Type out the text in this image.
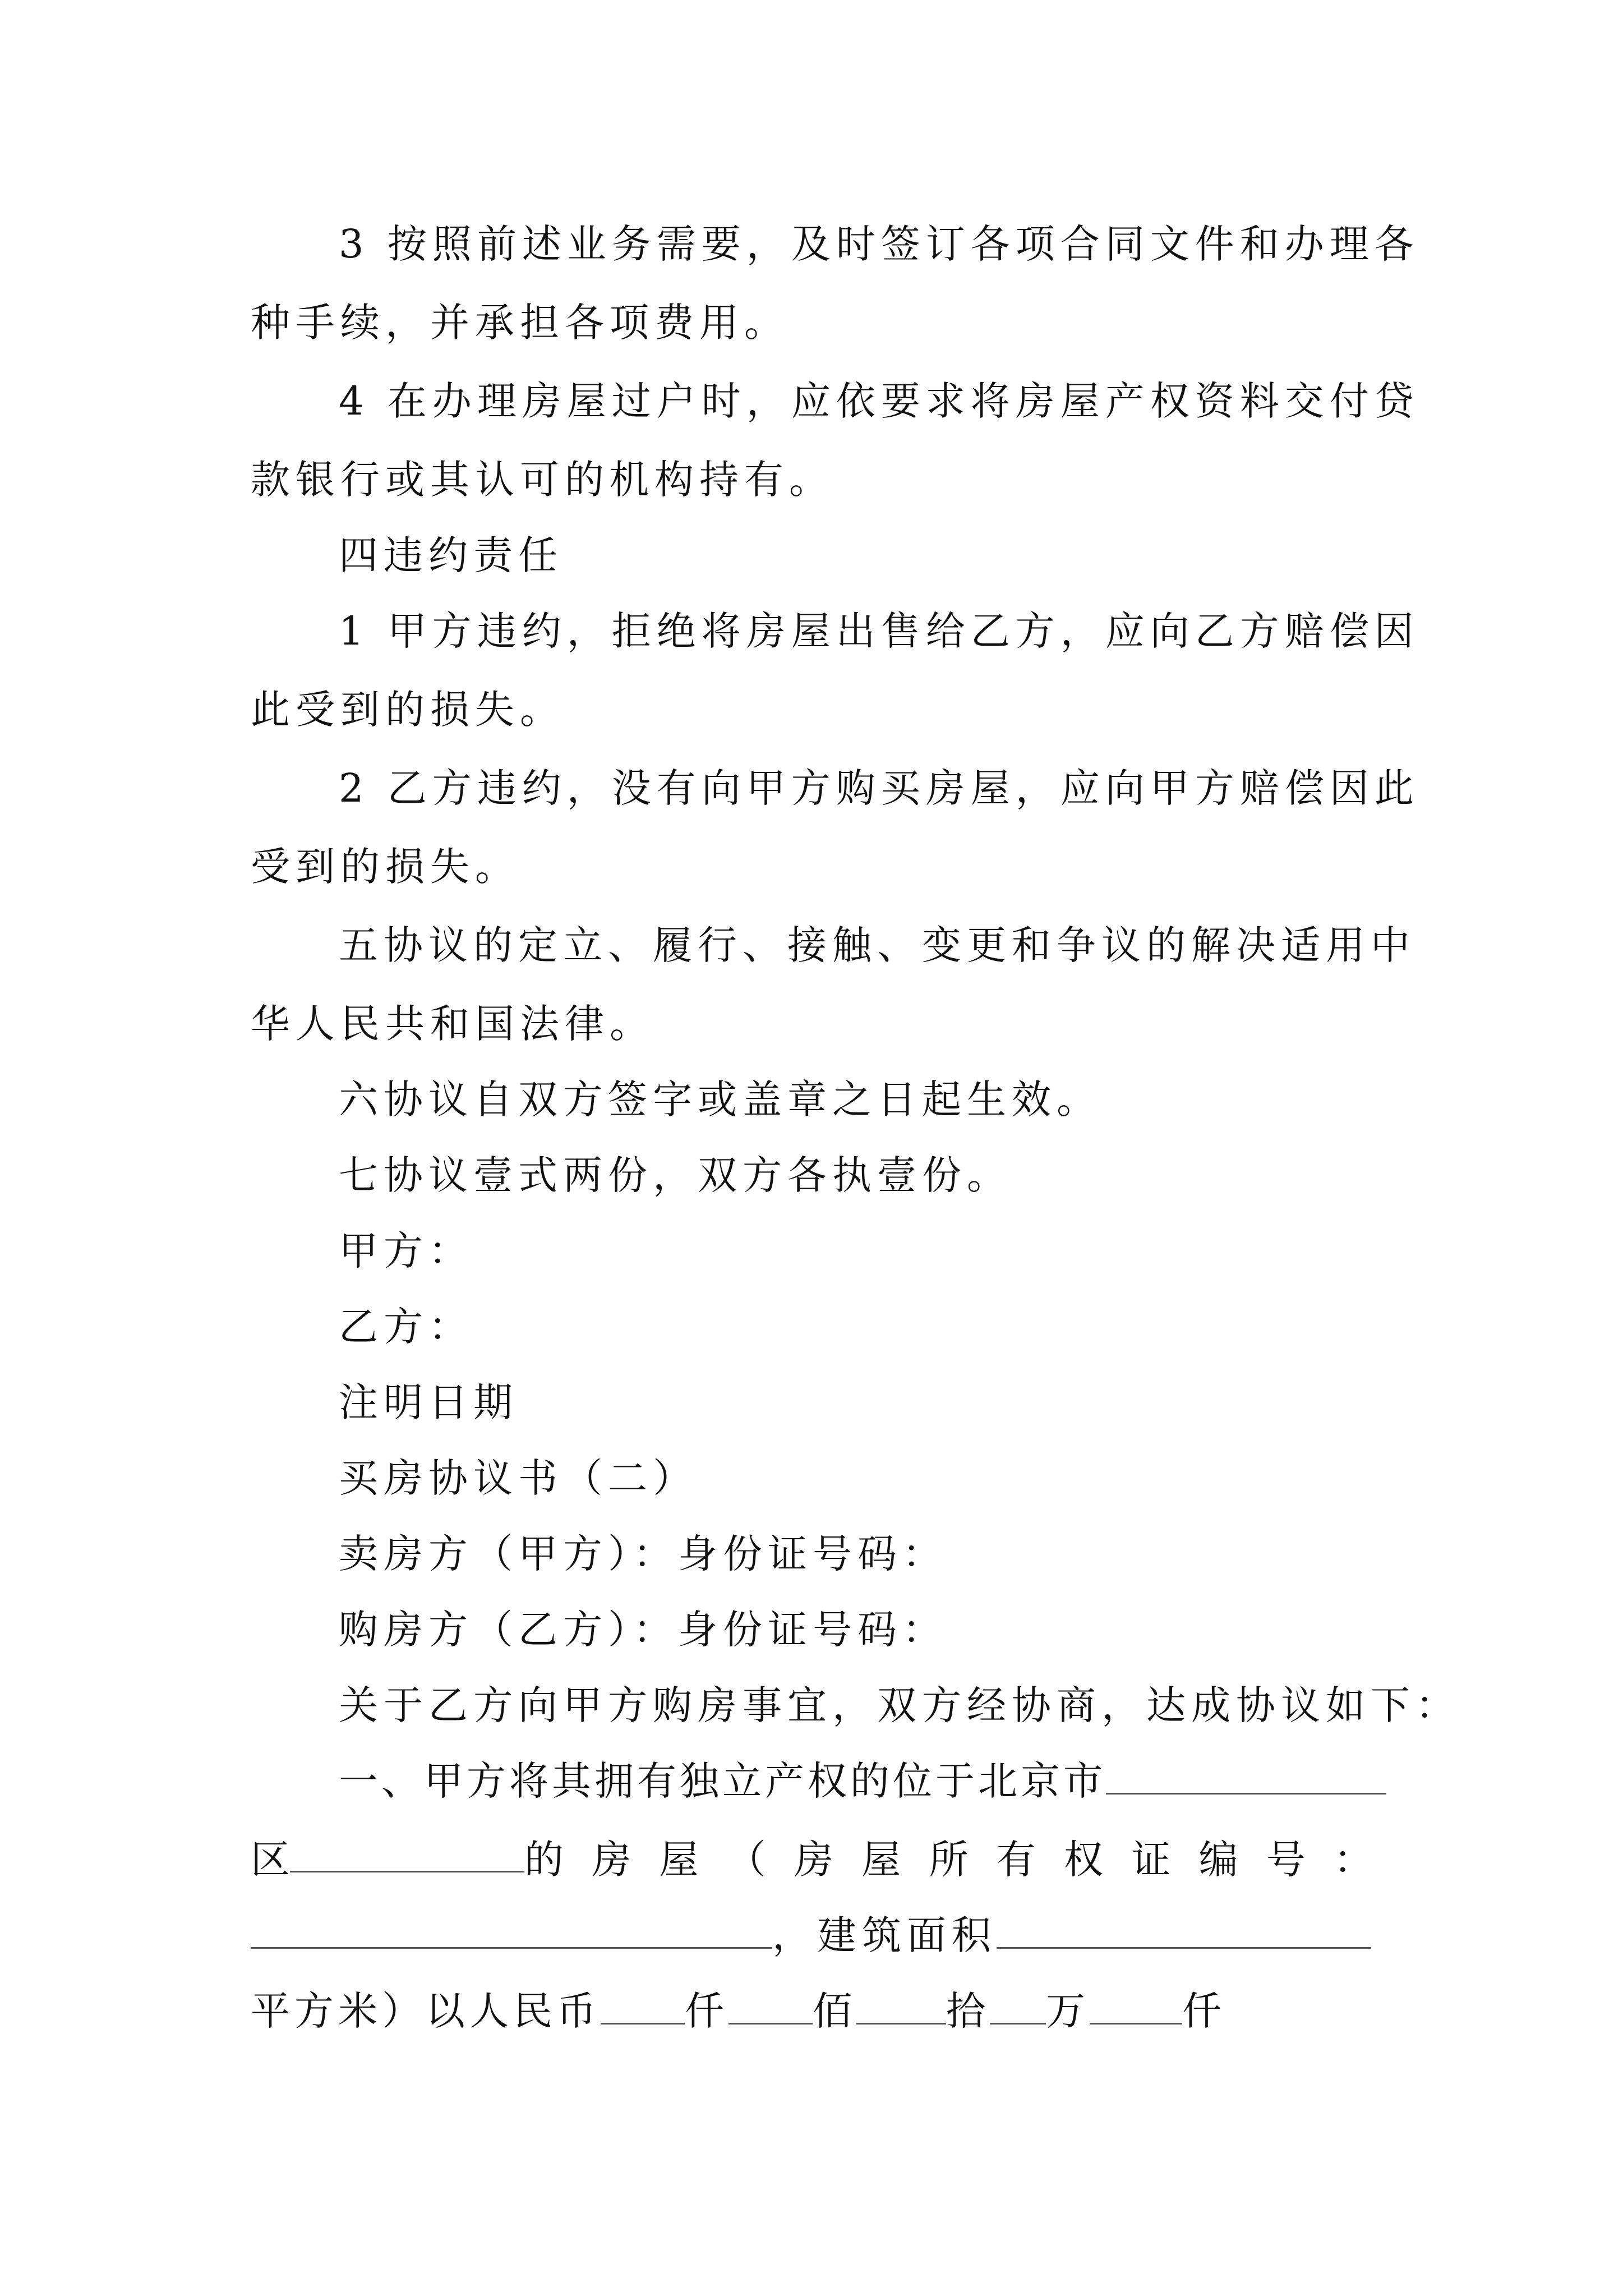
3 按照前述业务需要，及时签订各项合同文件和办理各
种手续，并承担各项费用。
4 在办理房屋过户时，应依要求将房屋产权资料交付贷
款银行或其认可的机构持有。
四违约责任
1 甲方违约，拒绝将房屋出售给乙方，应向乙方赔偿因
此受到的损失。
2 乙方违约，没有向甲方购买房屋，应向甲方赔偿因此
受到的损失。
五协议的定立、履行、接触、变更和争议的解决适用中
华人民共和国法律。
六协议自双方签字或盖章之日起生效。
七协议壹式两份，双方各执壹份。
甲方：
乙方：
注明日期
买房协议书（二）
卖房方（甲方）：身份证号码：
购房方（乙方）：身份证号码：
关于乙方向甲方购房事宜，双方经协商，达成协议如下：
一、甲方将其拥有独立产权的位于北京市
区	的 房 屋 （ 房 屋 所 有 权 证 编 号 ：
，建筑面积
平方米）以人民币 仟 佰 拾 万 仟
